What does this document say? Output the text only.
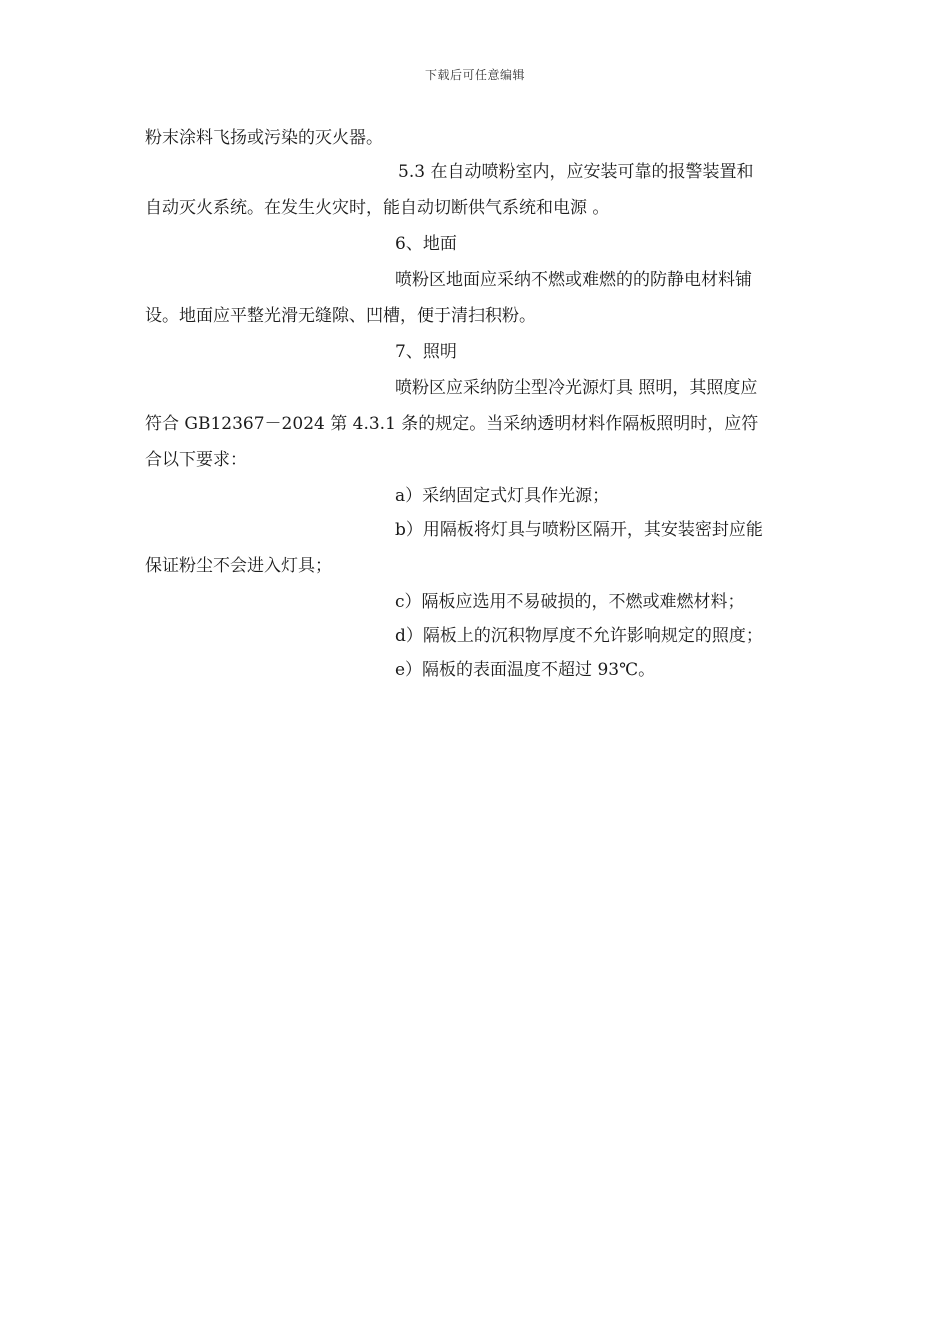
下载后可任意编辑
粉末涂料飞扬或污染的灭火器。
5.3 在自动喷粉室内，应安装可靠的报警装置和
自动灭火系统。在发生火灾时，能自动切断供气系统和电源 。
6、地面
喷粉区地面应采纳不燃或难燃的的防静电材料铺
设。地面应平整光滑无缝隙、凹槽，便于清扫积粉。
7、照明
喷粉区应采纳防尘型冷光源灯具 照明，其照度应
符合 GB12367－2024 第 4.3.1 条的规定。当采纳透明材料作隔板照明时，应符
合以下要求：
a）采纳固定式灯具作光源；
b）用隔板将灯具与喷粉区隔开，其安装密封应能
保证粉尘不会进入灯具；
c）隔板应选用不易破损的，不燃或难燃材料；
d）隔板上的沉积物厚度不允许影响规定的照度；
e）隔板的表面温度不超过 93℃。
